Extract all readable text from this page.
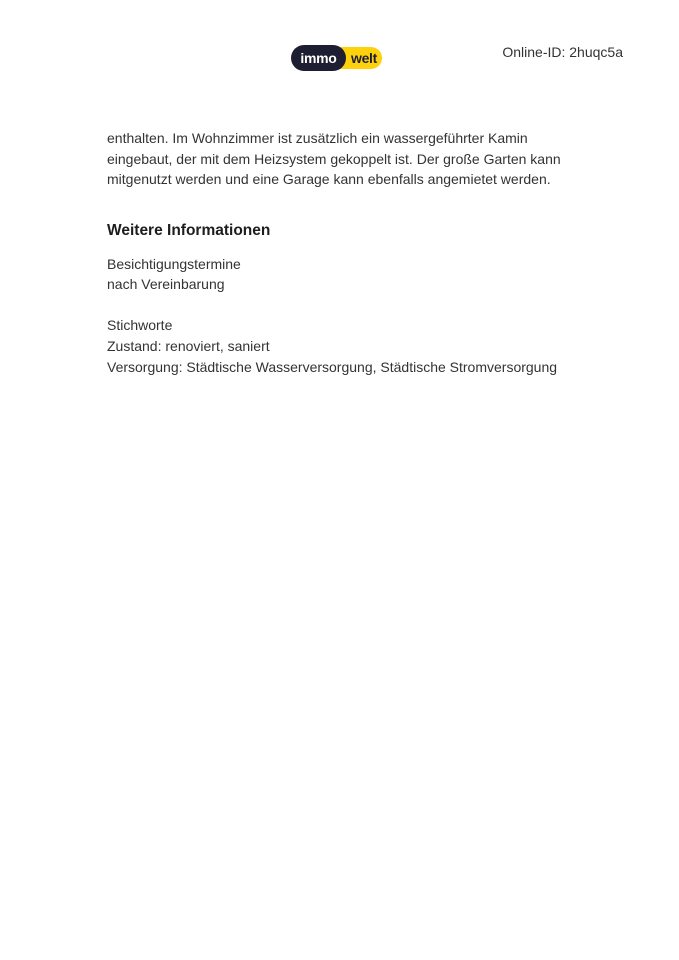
immo welt	Online-ID: 2huqc5a
enthalten. Im Wohnzimmer ist zusätzlich ein wassergeführter Kamin
eingebaut, der mit dem Heizsystem gekoppelt ist. Der große Garten kann
mitgenutzt werden und eine Garage kann ebenfalls angemietet werden.
Weitere Informationen
Besichtigungstermine
nach Vereinbarung
Stichworte
Zustand: renoviert, saniert
Versorgung: Städtische Wasserversorgung, Städtische Stromversorgung
